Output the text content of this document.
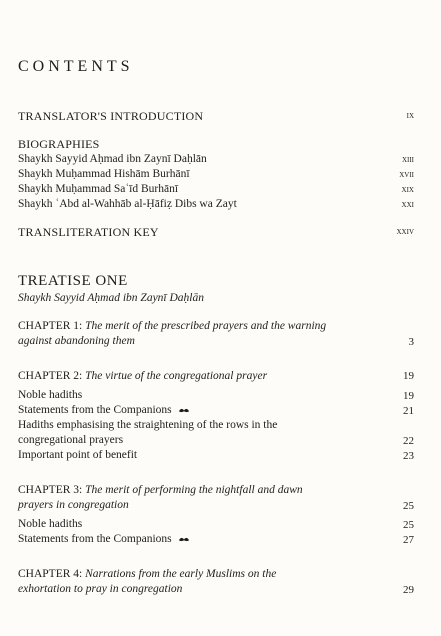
CONTENTS
TRANSLATOR'S INTRODUCTION	ix
BIOGRAPHIES
Shaykh Sayyid Aḥmad ibn Zaynī Daḥlān	xiii
Shaykh Muḥammad Hishām Burhānī	xvii
Shaykh Muḥammad Saʿīd Burhānī	xix
Shaykh ʿAbd al-Wahhāb al-Ḥāfiẓ Dibs wa Zayt	xxi
TRANSLITERATION KEY	xxiv
TREATISE ONE
Shaykh Sayyid Aḥmad ibn Zaynī Daḥlān
CHAPTER 1: The merit of the prescribed prayers and the warning
against abandoning them	3
CHAPTER 2: The virtue of the congregational prayer	19
Noble hadiths	19
Statements from the Companions	21
Hadiths emphasising the straightening of the rows in the
congregational prayers	22
Important point of benefit	23
CHAPTER 3: The merit of performing the nightfall and dawn
prayers in congregation	25
Noble hadiths	25
Statements from the Companions	27
CHAPTER 4: Narrations from the early Muslims on the
exhortation to pray in congregation	29
